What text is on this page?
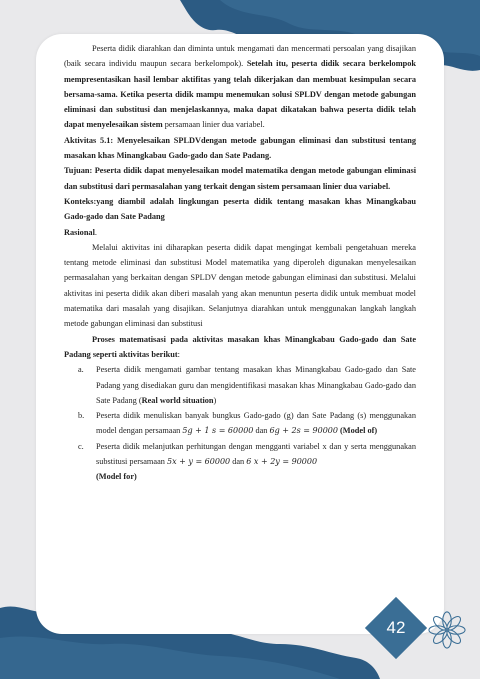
Peserta didik diarahkan dan diminta untuk mengamati dan mencermati persoalan yang disajikan (baik secara individu maupun secara berkelompok). Setelah itu, peserta didik secara berkelompok mempresentasikan hasil lembar aktifitas yang telah dikerjakan dan membuat kesimpulan secara bersama-sama. Ketika peserta didik mampu menemukan solusi SPLDV dengan metode gabungan eliminasi dan substitusi dan menjelaskannya, maka dapat dikatakan bahwa peserta didik telah dapat menyelesaikan sistem persamaan linier dua variabel.

Aktivitas 5.1: Menyelesaikan SPLDVdengan metode gabungan eliminasi dan substitusi tentang masakan khas Minangkabau Gado-gado dan Sate Padang.

Tujuan: Peserta didik dapat menyelesaikan model matematika dengan metode gabungan eliminasi dan substitusi dari permasalahan yang terkait dengan sistem persamaan linier dua variabel.

Konteks:yang diambil adalah lingkungan peserta didik tentang masakan khas Minangkabau Gado-gado dan Sate Padang

Rasional.

Melalui aktivitas ini diharapkan peserta didik dapat mengingat kembali pengetahuan mereka tentang metode eliminasi dan substitusi Model matematika yang diperoleh digunakan menyelesaikan permasalahan yang berkaitan dengan SPLDV dengan metode gabungan eliminasi dan substitusi. Melalui aktivitas ini peserta didik akan diberi masalah yang akan menuntun peserta didik untuk membuat model matematika dari masalah yang disajikan. Selanjutnya diarahkan untuk menggunakan langkah langkah metode gabungan eliminasi dan substitusi

Proses matematisasi pada aktivitas masakan khas Minangkabau Gado-gado dan Sate Padang seperti aktivitas berikut:

a. Peserta didik mengamati gambar tentang masakan khas Minangkabau Gado-gado dan Sate Padang yang disediakan guru dan mengidentifikasi masakan khas Minangkabau Gado-gado dan Sate Padang (Real world situation)
b. Peserta didik menuliskan banyak bungkus Gado-gado (g) dan Sate Padang (s) menggunakan model dengan persamaan 5g + 1 s = 60000 dan 6g + 2s = 90000 (Model of)
c. Peserta didik melanjutkan perhitungan dengan mengganti variabel x dan y serta menggunakan substitusi persamaan 5x + y = 60000 dan 6 x + 2y = 90000
(Model for)
42
